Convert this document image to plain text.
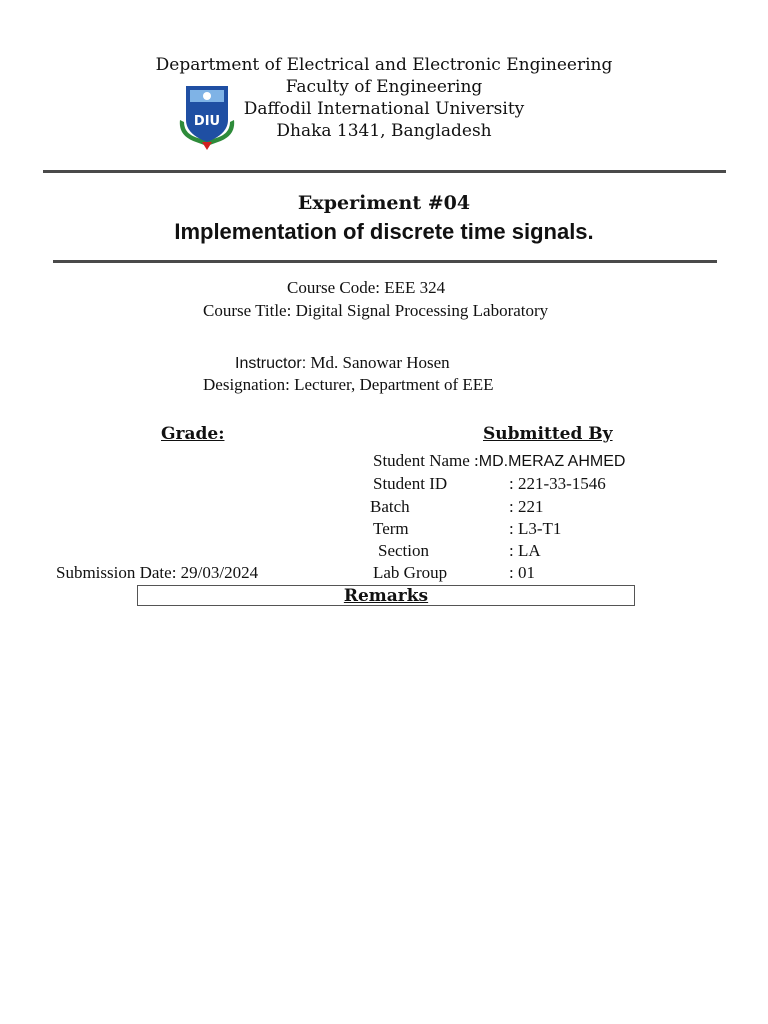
DIU
Department of Electrical and Electronic Engineering
Faculty of Engineering
Daffodil International University
Dhaka 1341, Bangladesh
Experiment #04
Implementation of discrete time signals.
Course Code: EEE 324
Course Title: Digital Signal Processing Laboratory
Instructor: Md. Sanowar Hosen
Designation: Lecturer, Department of EEE
Grade:	Submitted By
Student Name :MD.MERAZ AHMED
Student ID	: 221-33-1546
Batch	: 221
Term	: L3-T1
Section	: LA
Submission Date: 29/03/2024	Lab Group	: 01
Remarks
